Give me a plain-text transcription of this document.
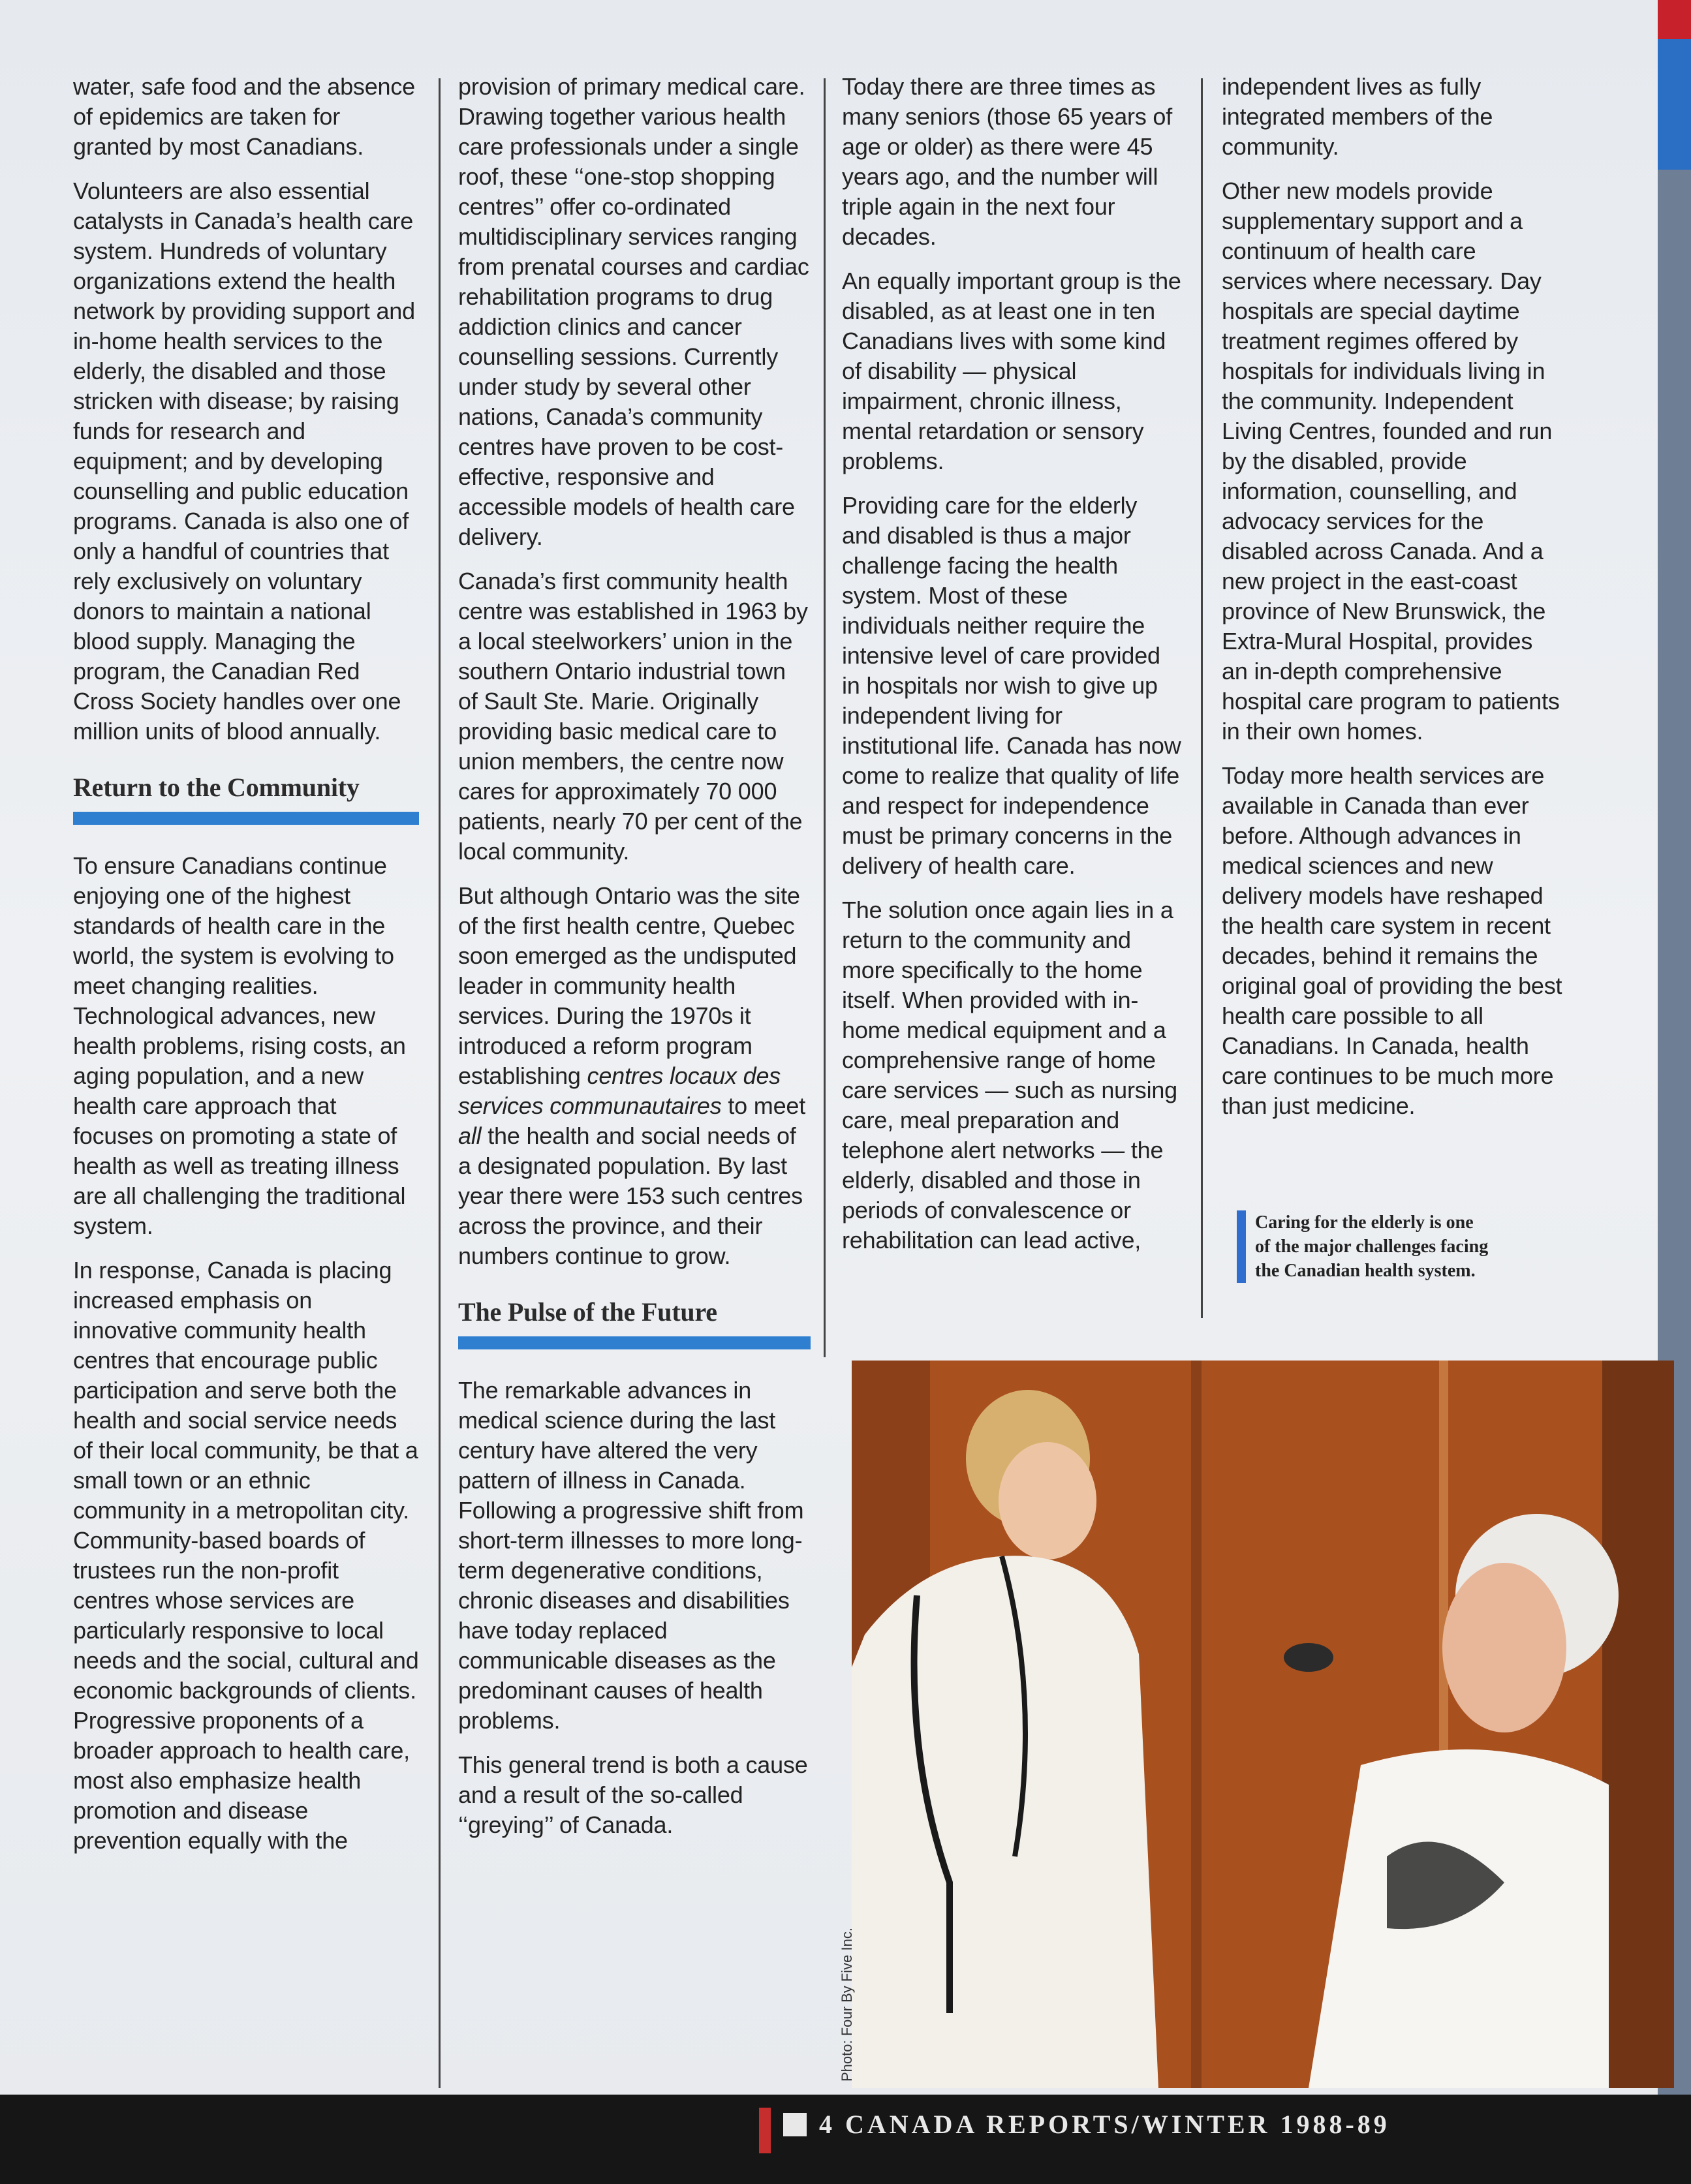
water, safe food and the absence of epidemics are taken for granted by most Canadians.

Volunteers are also essential catalysts in Canada’s health care system. Hundreds of voluntary organizations extend the health network by providing support and in-home health services to the elderly, the disabled and those stricken with disease; by raising funds for research and equipment; and by developing counselling and public education programs. Canada is also one of only a handful of countries that rely exclusively on voluntary donors to maintain a national blood supply. Managing the program, the Canadian Red Cross Society handles over one million units of blood annually.

Return to the Community

To ensure Canadians continue enjoying one of the highest standards of health care in the world, the system is evolving to meet changing realities. Technological advances, new health problems, rising costs, an aging population, and a new health care approach that focuses on promoting a state of health as well as treating illness are all challenging the traditional system.

In response, Canada is placing increased emphasis on innovative community health centres that encourage public participation and serve both the health and social service needs of their local community, be that a small town or an ethnic community in a metropolitan city. Community-based boards of trustees run the non-profit centres whose services are particularly responsive to local needs and the social, cultural and economic backgrounds of clients. Progressive proponents of a broader approach to health care, most also emphasize health promotion and disease prevention equally with the

provision of primary medical care. Drawing together various health care professionals under a single roof, these ‘‘one-stop shopping centres’’ offer co-ordinated multidisciplinary services ranging from prenatal courses and cardiac rehabilitation programs to drug addiction clinics and cancer counselling sessions. Currently under study by several other nations, Canada’s community centres have proven to be cost-effective, responsive and accessible models of health care delivery.

Canada’s first community health centre was established in 1963 by a local steelworkers’ union in the southern Ontario industrial town of Sault Ste. Marie. Originally providing basic medical care to union members, the centre now cares for approximately 70 000 patients, nearly 70 per cent of the local community.

But although Ontario was the site of the first health centre, Quebec soon emerged as the undisputed leader in community health services. During the 1970s it introduced a reform program establishing centres locaux des services communautaires to meet all the health and social needs of a designated population. By last year there were 153 such centres across the province, and their numbers continue to grow.

The Pulse of the Future

The remarkable advances in medical science during the last century have altered the very pattern of illness in Canada. Following a progressive shift from short-term illnesses to more long-term degenerative conditions, chronic diseases and disabilities have today replaced communicable diseases as the predominant causes of health problems.

This general trend is both a cause and a result of the so-called ‘‘greying’’ of Canada.

Today there are three times as many seniors (those 65 years of age or older) as there were 45 years ago, and the number will triple again in the next four decades.

An equally important group is the disabled, as at least one in ten Canadians lives with some kind of disability — physical impairment, chronic illness, mental retardation or sensory problems.

Providing care for the elderly and disabled is thus a major challenge facing the health system. Most of these individuals neither require the intensive level of care provided in hospitals nor wish to give up independent living for institutional life. Canada has now come to realize that quality of life and respect for independence must be primary concerns in the delivery of health care.

The solution once again lies in a return to the community and more specifically to the home itself. When provided with in-home medical equipment and a comprehensive range of home care services — such as nursing care, meal preparation and telephone alert networks — the elderly, disabled and those in periods of convalescence or rehabilitation can lead active,

independent lives as fully integrated members of the community.

Other new models provide supplementary support and a continuum of health care services where necessary. Day hospitals are special daytime treatment regimes offered by hospitals for individuals living in the community. Independent Living Centres, founded and run by the disabled, provide information, counselling, and advocacy services for the disabled across Canada. And a new project in the east-coast province of New Brunswick, the Extra-Mural Hospital, provides an in-depth comprehensive hospital care program to patients in their own homes.

Today more health services are available in Canada than ever before. Although advances in medical sciences and new delivery models have reshaped the health care system in recent decades, behind it remains the original goal of providing the best health care possible to all Canadians. In Canada, health care continues to be much more than just medicine.

Caring for the elderly is one of the major challenges facing the Canadian health system.
Photo: Four By Five Inc.
4 CANADA REPORTS/WINTER 1988-89
